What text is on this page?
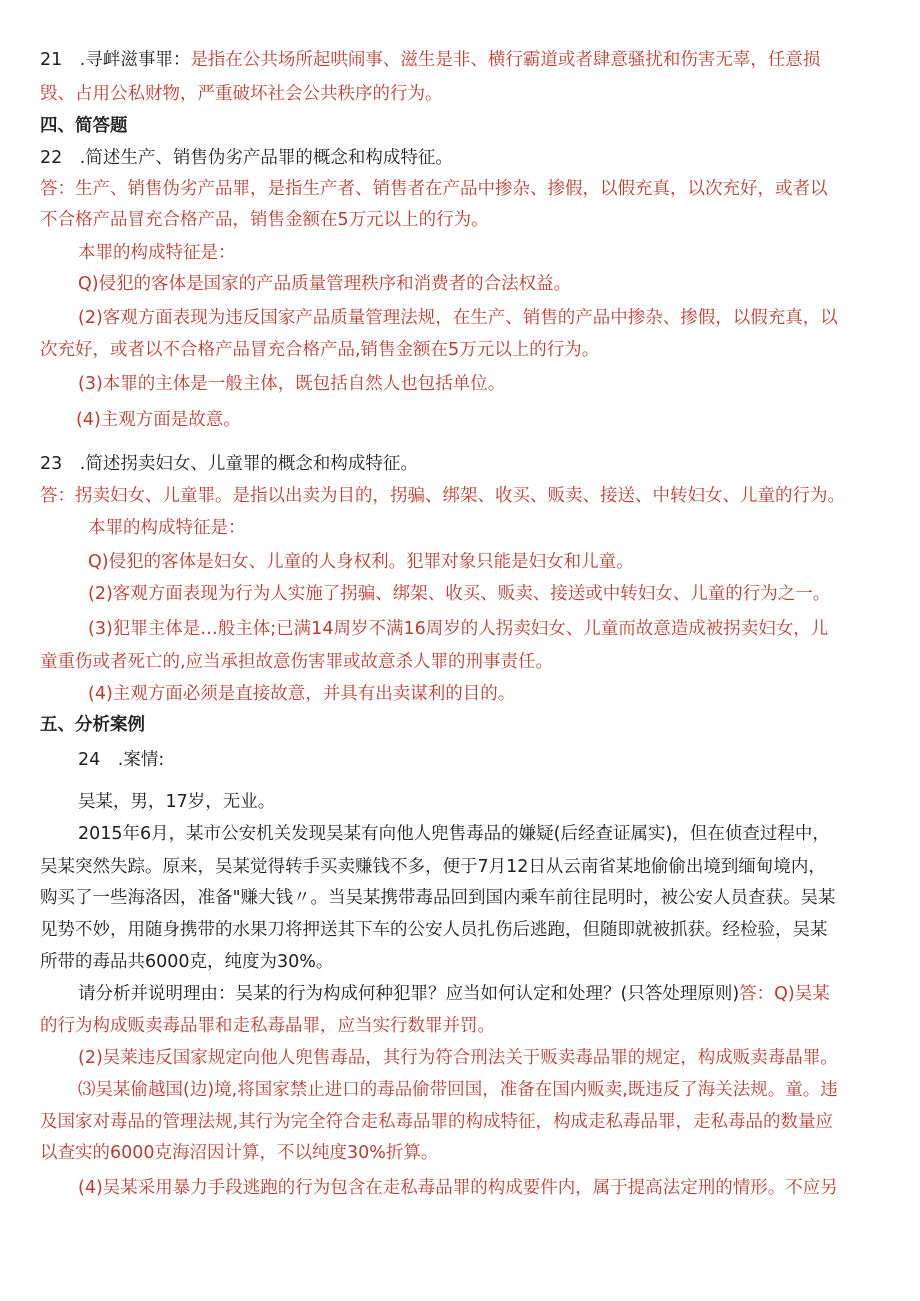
21　.寻衅滋事罪：是指在公共场所起哄闹事、滋生是非、横行霸道或者肆意骚扰和伤害无辜，任意损
毁、占用公私财物，严重破坏社会公共秩序的行为。
四、简答题
22　.简述生产、销售伪劣产品罪的概念和构成特征。
答：生产、销售伪劣产品罪，是指生产者、销售者在产品中掺杂、掺假，以假充真，以次充好，或者以
不合格产品冒充合格产品，销售金额在5万元以上的行为。
本罪的构成特征是：
Q)侵犯的客体是国家的产品质量管理秩序和消费者的合法权益。
(2)客观方面表现为违反国家产品质量管理法规，在生产、销售的产品中掺杂、掺假，以假充真，以
次充好，或者以不合格产品冒充合格产品,销售金额在5万元以上的行为。
(3)本罪的主体是一般主体，既包括自然人也包括单位。
(4)主观方面是故意。
23　.简述拐卖妇女、儿童罪的概念和构成特征。
答：拐卖妇女、儿童罪。是指以出卖为目的，拐骗、绑架、收买、贩卖、接送、中转妇女、儿童的行为。
本罪的构成特征是：
Q)侵犯的客体是妇女、儿童的人身权利。犯罪对象只能是妇女和儿童。
(2)客观方面表现为行为人实施了拐骗、绑架、收买、贩卖、接送或中转妇女、儿童的行为之一。
(3)犯罪主体是…般主体;已满14周岁不满16周岁的人拐卖妇女、儿童而故意造成被拐卖妇女，儿
童重伤或者死亡的,应当承担故意伤害罪或故意杀人罪的刑事责任。
(4)主观方面必须是直接故意，并具有出卖谋利的目的。
五、分析案例
24　.案情:
吴某，男，17岁，无业。
2015年6月，某市公安机关发现吴某有向他人兜售毒品的嫌疑(后经查证属实)，但在侦查过程中，
吴某突然失踪。原来，吴某觉得转手买卖赚钱不多，便于7月12日从云南省某地偷偷出境到缅甸境内，
购买了一些海洛因，准备"赚大钱〃。当吴某携带毒品回到国内乘车前往昆明时，被公安人员查获。吴某
见势不妙，用随身携带的水果刀将押送其下车的公安人员扎伤后逃跑，但随即就被抓获。经检验，吴某
所带的毒品共6000克，纯度为30%。
请分析并说明理由：吴某的行为构成何种犯罪？应当如何认定和处理？(只答处理原则)答：Q)吴某
的行为构成贩卖毒品罪和走私毒晶罪，应当实行数罪并罚。
(2)吴莱违反国家规定向他人兜售毒品，其行为符合刑法关于贩卖毒品罪的规定，构成贩卖毒晶罪。
⑶吴某偷越国(边)境,将国家禁止进口的毒品偷带回国，准备在国内贩卖,既违反了海关法规。童。违
及国家对毒品的管理法规,其行为完全符合走私毒品罪的构成特征，构成走私毒品罪，走私毒品的数量应
以查实的6000克海沼因计算，不以纯度30%折算。
(4)吴某采用暴力手段逃跑的行为包含在走私毒品罪的构成要件内，属于提高法定刑的情形。不应另
